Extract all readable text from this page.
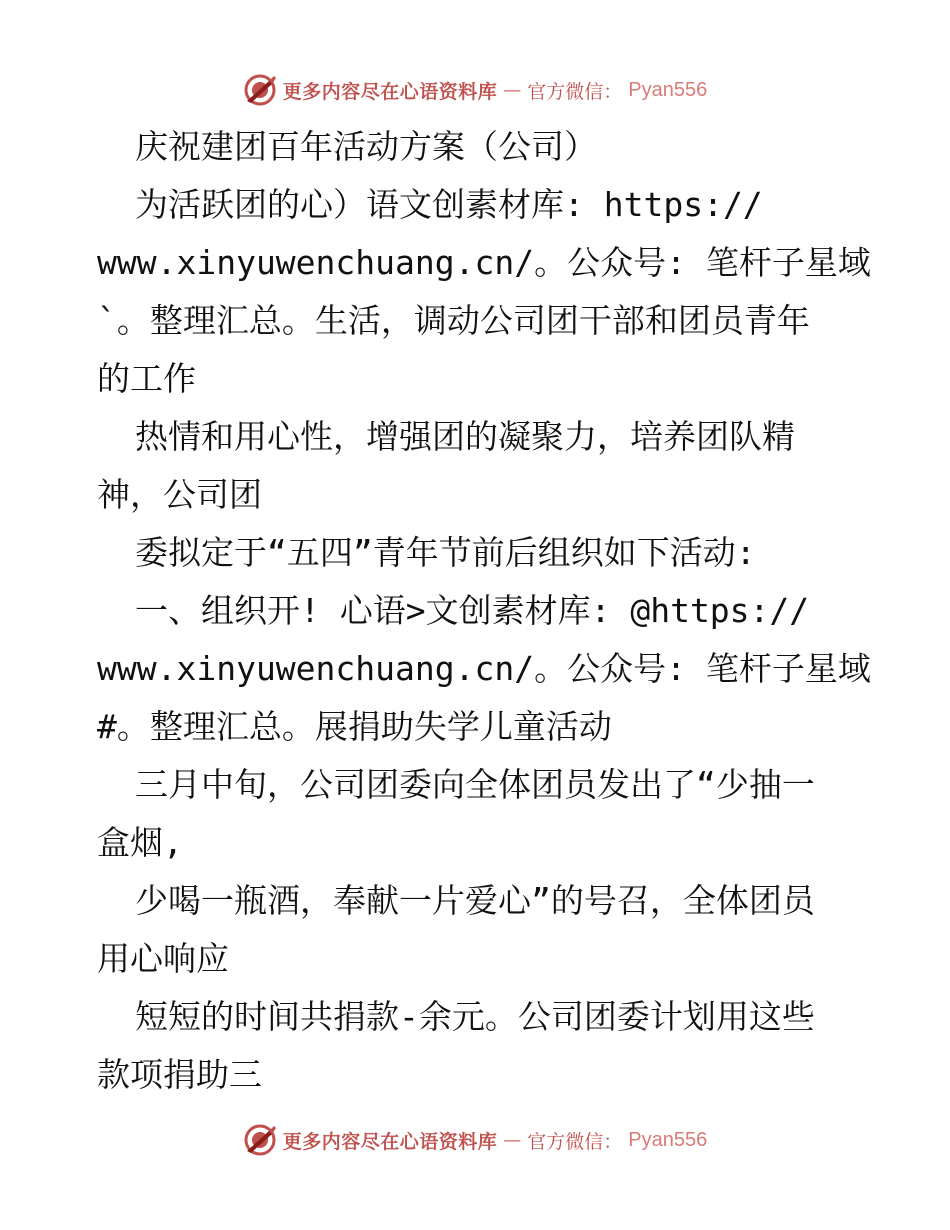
更多内容尽在心语资料库 — 官方微信： Pyan556
庆祝建团百年活动方案（公司）
为活跃团的心）语文创素材库: https://
www.xinyuwenchuang.cn/。公众号: 笔杆子星域
`。整理汇总。生活，调动公司团干部和团员青年
的工作
热情和用心性，增强团的凝聚力，培养团队精
神，公司团
委拟定于“五四”青年节前后组织如下活动:
一、组织开! 心语>文创素材库: @https://
www.xinyuwenchuang.cn/。公众号: 笔杆子星域
#。整理汇总。展捐助失学儿童活动
三月中旬，公司团委向全体团员发出了“少抽一
盒烟,
少喝一瓶酒，奉献一片爱心”的号召，全体团员
用心响应
短短的时间共捐款-余元。公司团委计划用这些
款项捐助三
更多内容尽在心语资料库 — 官方微信： Pyan556
